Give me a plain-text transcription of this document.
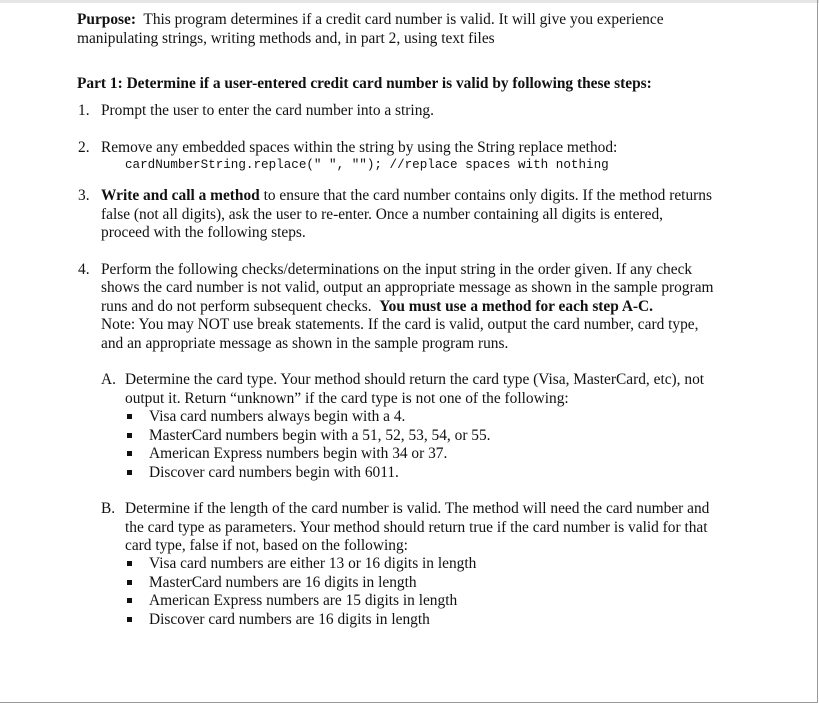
Purpose: This program determines if a credit card number is valid. It will give you experience
manipulating strings, writing methods and, in part 2, using text files
Part 1: Determine if a user-entered credit card number is valid by following these steps:
1. Prompt the user to enter the card number into a string.
2. Remove any embedded spaces within the string by using the String replace method:
cardNumberString.replace(" ", ""); //replace spaces with nothing
3. Write and call a method to ensure that the card number contains only digits. If the method returns
false (not all digits), ask the user to re-enter. Once a number containing all digits is entered,
proceed with the following steps.
4. Perform the following checks/determinations on the input string in the order given. If any check
shows the card number is not valid, output an appropriate message as shown in the sample program
runs and do not perform subsequent checks. You must use a method for each step A-C.
Note: You may NOT use break statements. If the card is valid, output the card number, card type,
and an appropriate message as shown in the sample program runs.
A. Determine the card type. Your method should return the card type (Visa, MasterCard, etc), not
output it. Return “unknown” if the card type is not one of the following:
Visa card numbers always begin with a 4.
MasterCard numbers begin with a 51, 52, 53, 54, or 55.
American Express numbers begin with 34 or 37.
Discover card numbers begin with 6011.
B. Determine if the length of the card number is valid. The method will need the card number and
the card type as parameters. Your method should return true if the card number is valid for that
card type, false if not, based on the following:
Visa card numbers are either 13 or 16 digits in length
MasterCard numbers are 16 digits in length
American Express numbers are 15 digits in length
Discover card numbers are 16 digits in length
